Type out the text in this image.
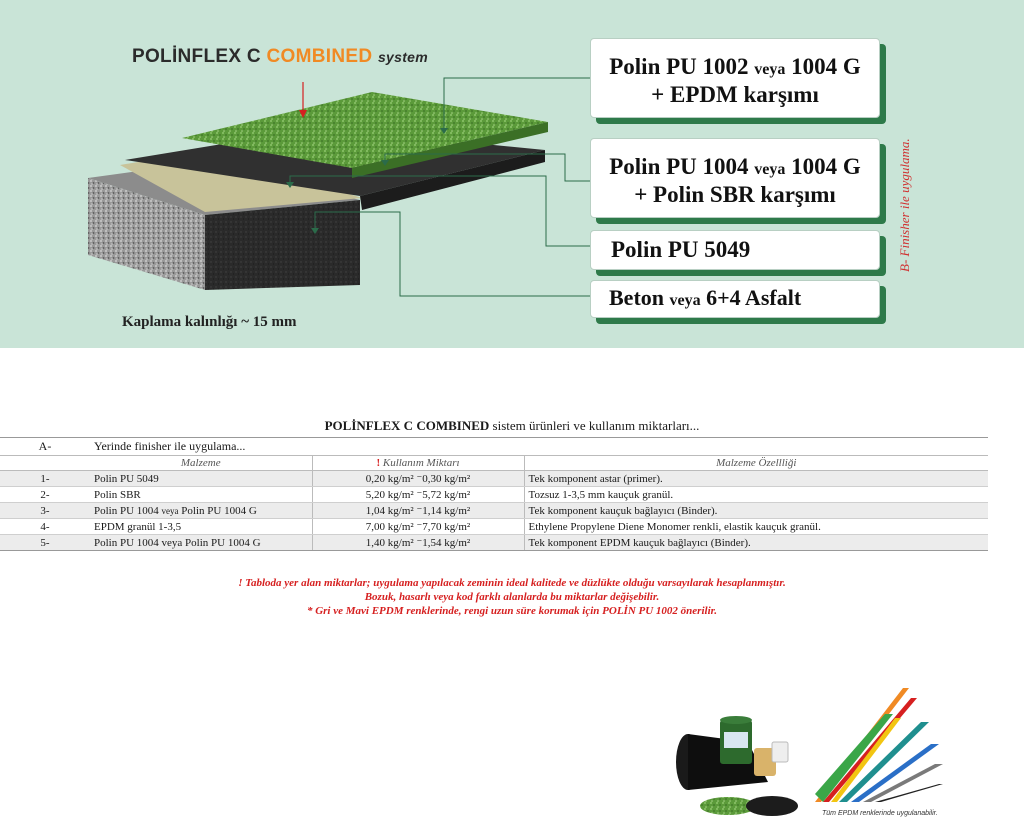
POLİNFLEX C COMBINED system
Kaplama kalınlığı ~ 15 mm
Polin PU 1002 veya 1004 G
+ EPDM karşımı
Polin PU 1004 veya 1004 G
+ Polin SBR karşımı
Polin PU 5049
Beton veya 6+4 Asfalt
B- Finisher ile uygulama.
POLİNFLEX C COMBINED sistem ürünleri ve kullanım miktarları...
A-	Yerinde finisher ile uygulama...		
	Malzeme	! Kullanım Miktarı	Malzeme Özellliği
1-	Polin PU 5049	0,20 kg/m² ⁻0,30 kg/m²	Tek komponent astar (primer).
2-	Polin SBR	5,20 kg/m² ⁻5,72 kg/m²	Tozsuz 1-3,5 mm kauçuk granül.
3-	Polin PU 1004 veya Polin PU 1004 G	1,04 kg/m² ⁻1,14 kg/m²	Tek komponent kauçuk bağlayıcı (Binder).
4-	EPDM granül 1-3,5	7,00 kg/m² ⁻7,70 kg/m²	Ethylene Propylene Diene Monomer renkli, elastik kauçuk granül.
5-	Polin PU 1004 veya Polin PU 1004 G	1,40 kg/m² ⁻1,54 kg/m²	Tek komponent EPDM kauçuk bağlayıcı (Binder).
! Tabloda yer alan miktarlar; uygulama yapılacak zeminin ideal kalitede ve düzlükte olduğu varsayılarak hesaplanmıştır.
Bozuk, hasarlı veya kod farklı alanlarda bu miktarlar değişebilir.
* Gri ve Mavi EPDM renklerinde, rengi uzun süre korumak için POLİN PU 1002 önerilir.
Tüm EPDM renklerinde uygulanabilir.
